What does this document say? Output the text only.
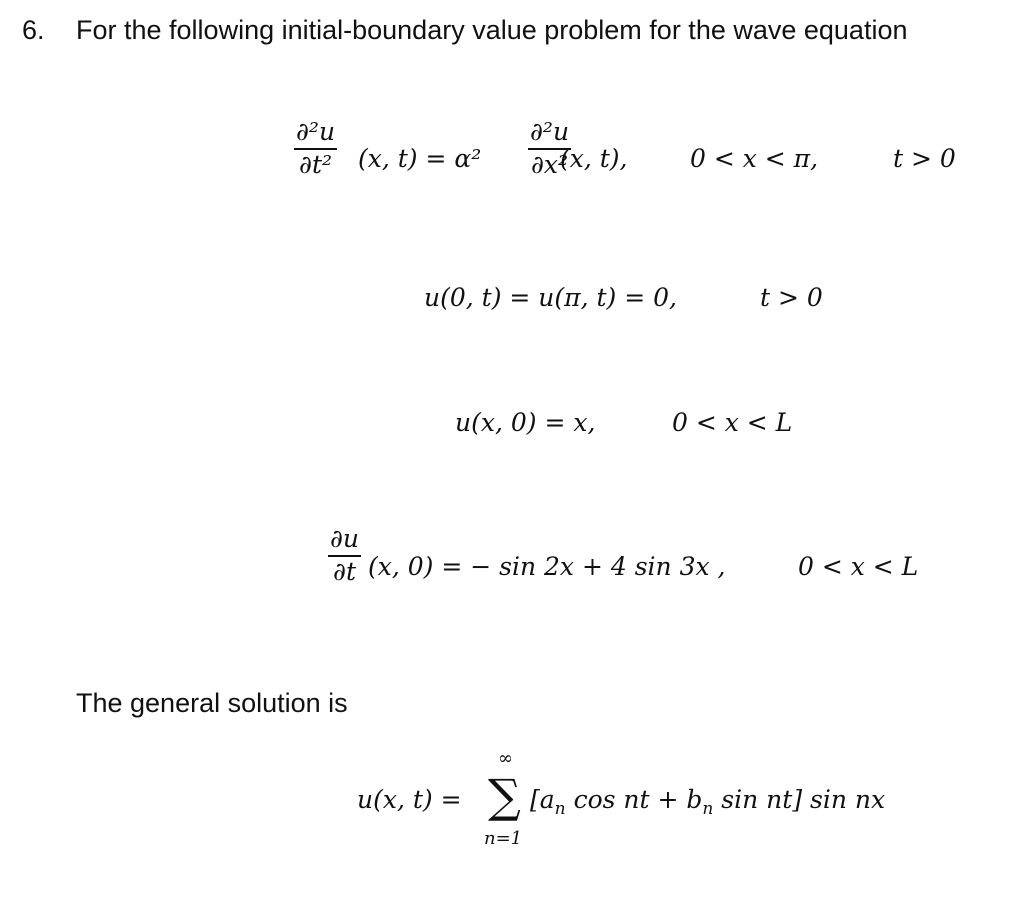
6. For the following initial-boundary value problem for the wave equation
∂²u
∂t² (x, t) = α²
∂²u
∂x²
(x, t),	0 < x < π,	t > 0
u(0, t) = u(π, t) = 0,	t > 0
u(x, 0) = x,	0 < x < L
∂u
∂t (x, 0) = − sin 2x + 4 sin 3x ,	0 < x < L
The general solution is
u(x, t) =
∞
∑
n=1
[$a_n$ cos nt + $b_n$ sin nt] sin nx
